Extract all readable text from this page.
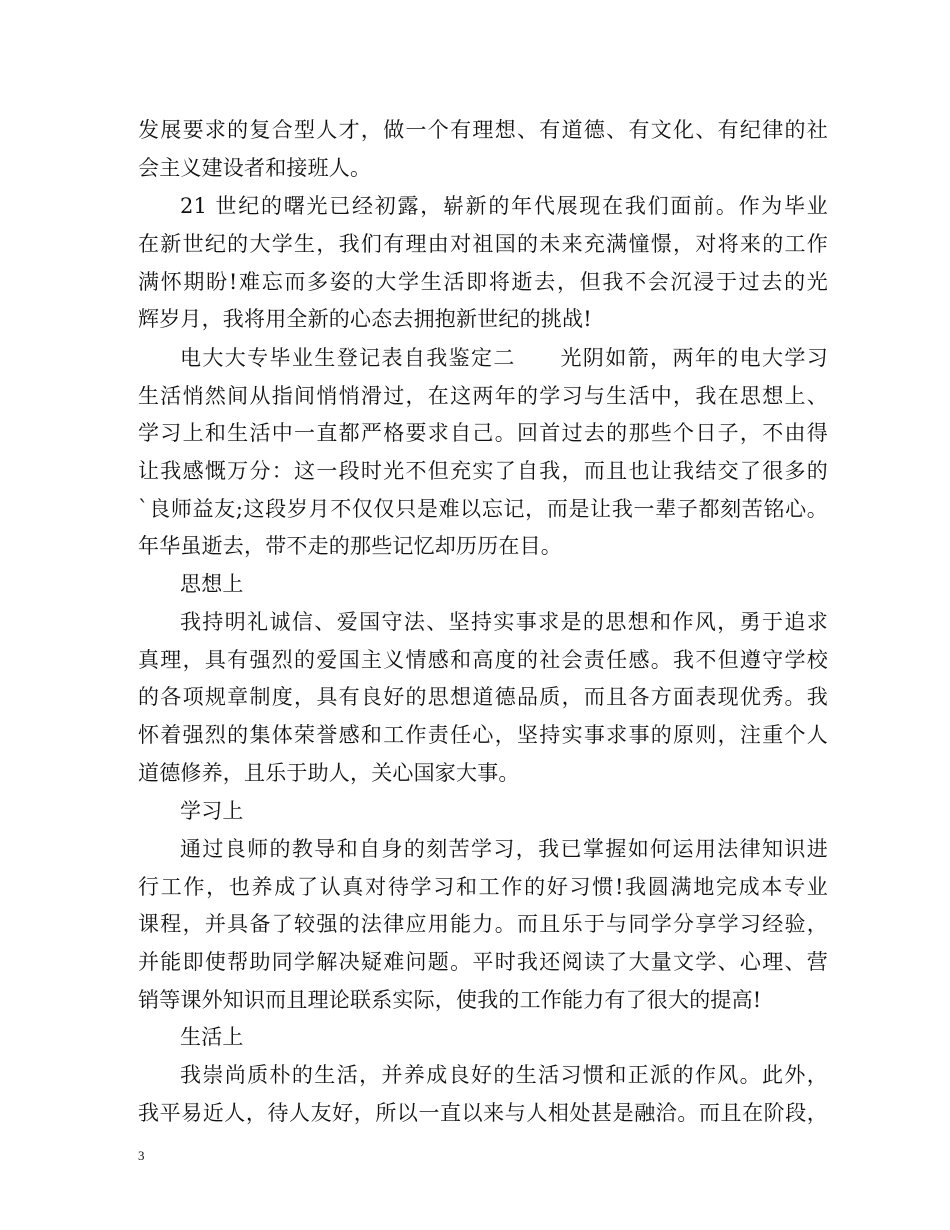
发展要求的复合型人才，做一个有理想、有道德、有文化、有纪律的社
会主义建设者和接班人。
21 世纪的曙光已经初露，崭新的年代展现在我们面前。作为毕业
在新世纪的大学生，我们有理由对祖国的未来充满憧憬，对将来的工作
满怀期盼!难忘而多姿的大学生活即将逝去，但我不会沉浸于过去的光
辉岁月，我将用全新的心态去拥抱新世纪的挑战!
电大大专毕业生登记表自我鉴定二　　光阴如箭，两年的电大学习
生活悄然间从指间悄悄滑过，在这两年的学习与生活中，我在思想上、
学习上和生活中一直都严格要求自己。回首过去的那些个日子，不由得
让我感慨万分：这一段时光不但充实了自我，而且也让我结交了很多的
`良师益友;这段岁月不仅仅只是难以忘记，而是让我一辈子都刻苦铭心。
年华虽逝去，带不走的那些记忆却历历在目。
思想上
我持明礼诚信、爱国守法、坚持实事求是的思想和作风，勇于追求
真理，具有强烈的爱国主义情感和高度的社会责任感。我不但遵守学校
的各项规章制度，具有良好的思想道德品质，而且各方面表现优秀。我
怀着强烈的集体荣誉感和工作责任心，坚持实事求事的原则，注重个人
道德修养，且乐于助人，关心国家大事。
学习上
通过良师的教导和自身的刻苦学习，我已掌握如何运用法律知识进
行工作，也养成了认真对待学习和工作的好习惯!我圆满地完成本专业
课程，并具备了较强的法律应用能力。而且乐于与同学分享学习经验，
并能即使帮助同学解决疑难问题。平时我还阅读了大量文学、心理、营
销等课外知识而且理论联系实际，使我的工作能力有了很大的提高!
生活上
我崇尚质朴的生活，并养成良好的生活习惯和正派的作风。此外，
我平易近人，待人友好，所以一直以来与人相处甚是融洽。而且在阶段，
3
